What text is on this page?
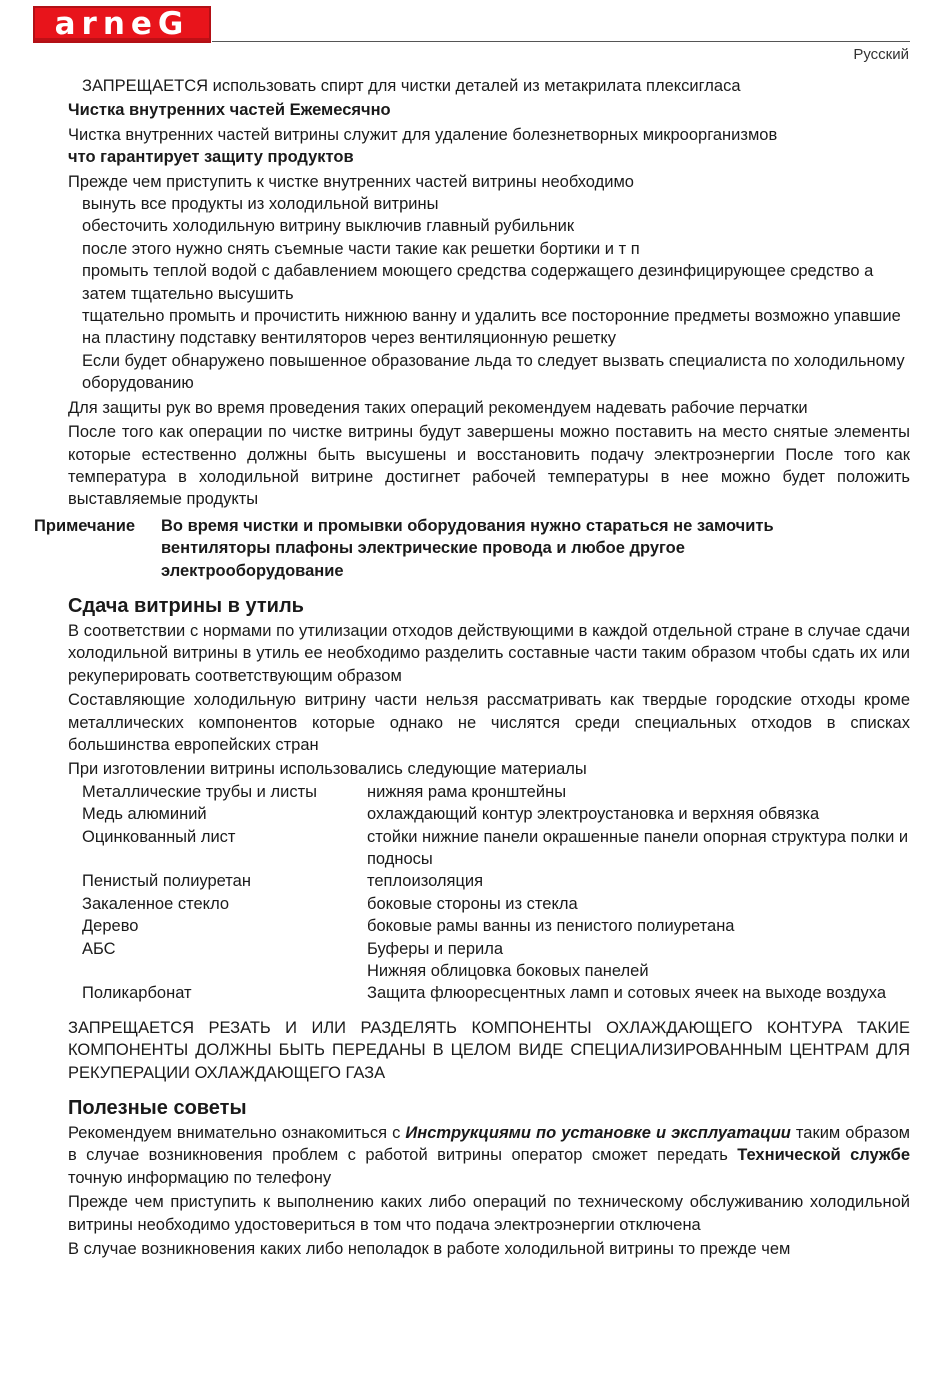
arneG
Русский

ЗАПРЕЩАЕТСЯ использовать спирт для чистки деталей из метакрилата плексигласа

Чистка внутренних частей Ежемесячно

Чистка внутренних частей витрины служит для удаление болезнетворных микроорганизмов

что гарантирует защиту продуктов

Прежде чем приступить к чистке внутренних частей витрины необходимо

вынуть все продукты из холодильной витрины

обесточить холодильную витрину выключив главный рубильник

после этого нужно снять съемные части такие как решетки бортики и т п

промыть теплой водой с дабавлением моющего средства содержащего дезинфицирующее средство а затем тщательно высушить

тщательно промыть и прочистить нижнюю ванну и удалить все посторонние предметы возможно упавшие на пластину подставку вентиляторов через вентиляционную решетку

Если будет обнаружено повышенное образование льда то следует вызвать специалиста по холодильному оборудованию

Для защиты рук во время проведения таких операций рекомендуем надевать рабочие перчатки

После того как операции по чистке витрины будут завершены можно поставить на место снятые элементы которые естественно должны быть высушены и восстановить подачу электроэнергии После того как температура в холодильной витрине достигнет рабочей температуры в нее можно будет положить выставляемые продукты

Примечание	Во время чистки и промывки оборудования нужно стараться не замочить вентиляторы плафоны электрические провода и любое другое электрооборудование
Сдача витрины в утиль

В соответствии с нормами по утилизации отходов действующими в каждой отдельной стране в случае сдачи холодильной витрины в утиль ее необходимо разделить составные части таким образом чтобы сдать их или рекуперировать соответствующим образом

Составляющие холодильную витрину части нельзя рассматривать как твердые городские отходы кроме металлических компонентов которые однако не числятся среди специальных отходов в списках большинства европейских стран

При изготовлении витрины использовались следующие материалы

Металлические трубы и листы	нижняя рама кронштейны
Медь алюминий	охлаждающий контур электроустановка и верхняя обвязка
Оцинкованный лист	стойки нижние панели окрашенные панели опорная структура полки и подносы
Пенистый полиуретан	теплоизоляция
Закаленное стекло	боковые стороны из стекла
Дерево	боковые рамы ванны из пенистого полиуретана
АБС	Буферы и перила
Нижняя облицовка боковых панелей
Поликарбонат	Защита флюоресцентных ламп и сотовых ячеек на выходе воздуха

ЗАПРЕЩАЕТСЯ РЕЗАТЬ И ИЛИ РАЗДЕЛЯТЬ КОМПОНЕНТЫ ОХЛАЖДАЮЩЕГО КОНТУРА ТАКИЕ КОМПОНЕНТЫ ДОЛЖНЫ БЫТЬ ПЕРЕДАНЫ В ЦЕЛОМ ВИДЕ СПЕЦИАЛИЗИРОВАННЫМ ЦЕНТРАМ ДЛЯ РЕКУПЕРАЦИИ ОХЛАЖДАЮЩЕГО ГАЗА

Полезные советы

Рекомендуем внимательно ознакомиться с Инструкциями по установке и эксплуатации таким образом в случае возникновения проблем с работой витрины оператор сможет передать Технической службе точную информацию по телефону

Прежде чем приступить к выполнению каких либо операций по техническому обслуживанию холодильной витрины необходимо удостовериться в том что подача электроэнергии отключена

В случае возникновения каких либо неполадок в работе холодильной витрины то прежде чем
